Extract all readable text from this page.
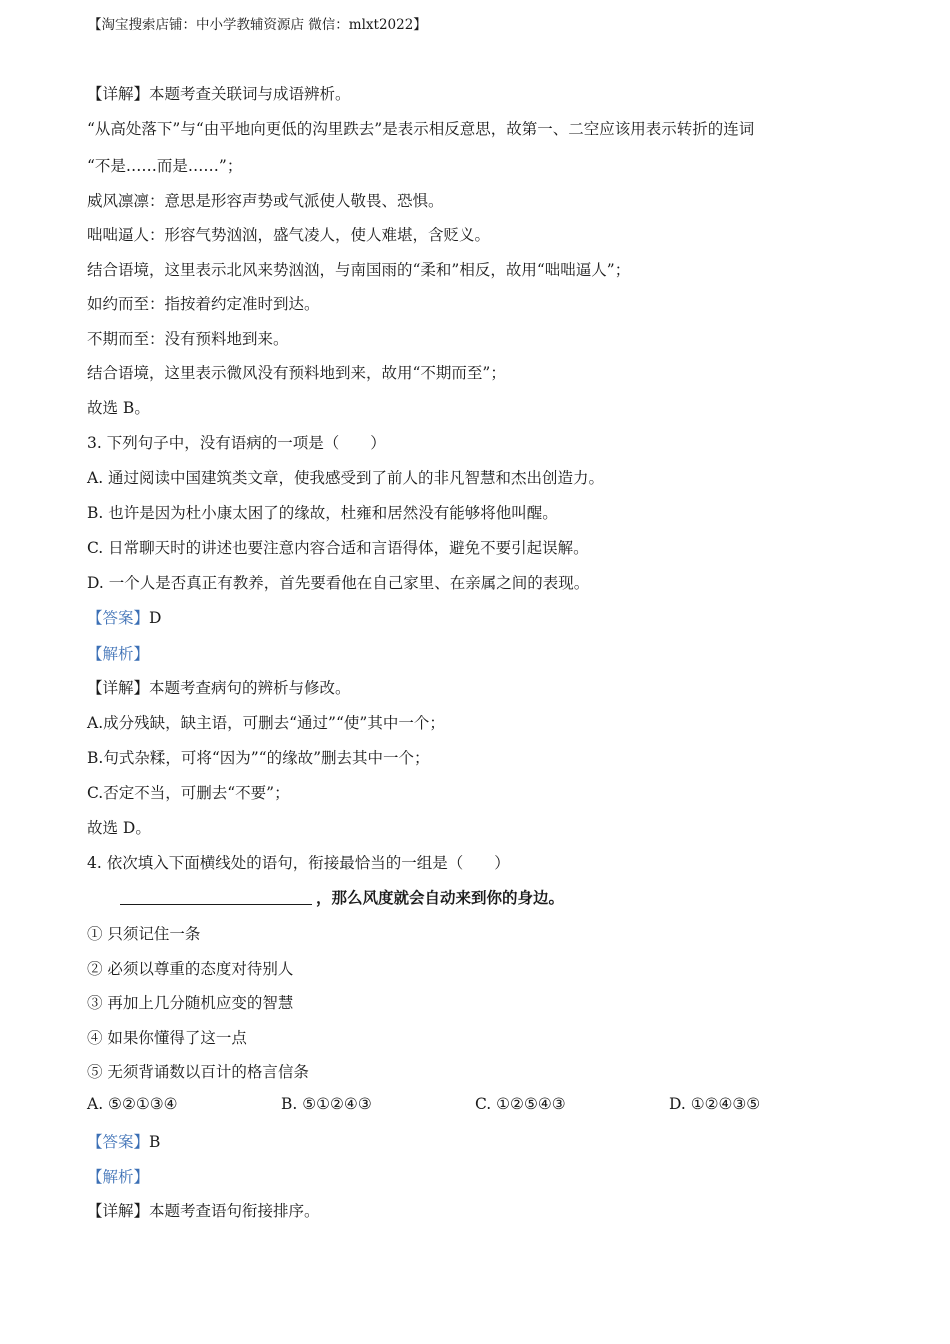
【淘宝搜索店铺：中小学教辅资源店 微信：mlxt2022】
【详解】本题考查关联词与成语辨析。
“从高处落下”与“由平地向更低的沟里跌去”是表示相反意思，故第一、二空应该用表示转折的连词
“不是……而是……”；
威风凛凛：意思是形容声势或气派使人敬畏、恐惧。
咄咄逼人：形容气势汹汹，盛气凌人，使人难堪，含贬义。
结合语境，这里表示北风来势汹汹，与南国雨的“柔和”相反，故用“咄咄逼人”；
如约而至：指按着约定准时到达。
不期而至：没有预料地到来。
结合语境，这里表示微风没有预料地到来，故用“不期而至”；
故选 B。
3. 下列句子中，没有语病的一项是（　　）
A. 通过阅读中国建筑类文章，使我感受到了前人的非凡智慧和杰出创造力。
B. 也许是因为杜小康太困了的缘故，杜雍和居然没有能够将他叫醒。
C. 日常聊天时的讲述也要注意内容合适和言语得体，避免不要引起误解。
D. 一个人是否真正有教养，首先要看他在自己家里、在亲属之间的表现。
【答案】D
【解析】
【详解】本题考查病句的辨析与修改。
A.成分残缺，缺主语，可删去“通过”“使”其中一个；
B.句式杂糅，可将“因为”“的缘故”删去其中一个；
C.否定不当，可删去“不要”；
故选 D。
4. 依次填入下面横线处的语句，衔接最恰当的一组是（　　）
，那么风度就会自动来到你的身边。
① 只须记住一条
② 必须以尊重的态度对待别人
③ 再加上几分随机应变的智慧
④ 如果你懂得了这一点
⑤ 无须背诵数以百计的格言信条
A. ⑤②①③④	B. ⑤①②④③	C. ①②⑤④③	D. ①②④③⑤
【答案】B
【解析】
【详解】本题考查语句衔接排序。
